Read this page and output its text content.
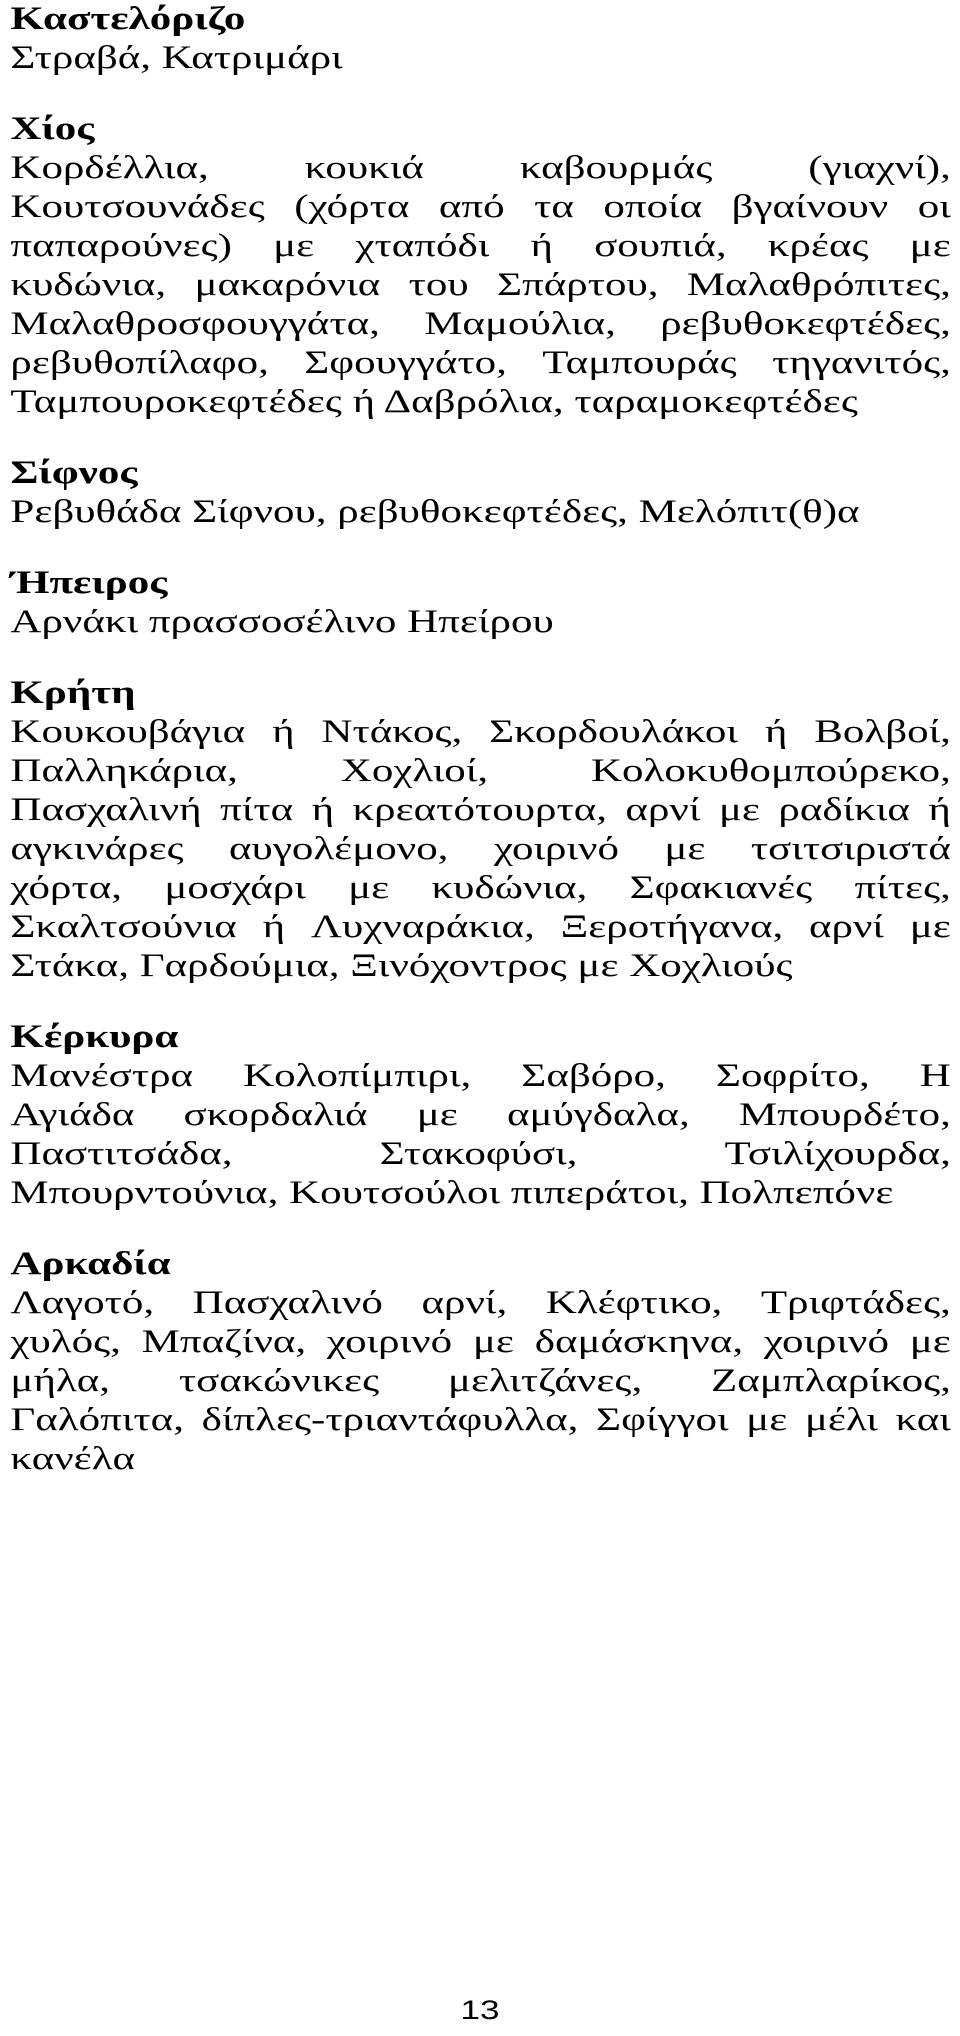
Καστελόριζο
Στραβά, Κατριμάρι
Χίος
Κορδέλλια,	κουκιά	καβουρμάς	(γιαχνί),
Κουτσουνάδες (χόρτα από τα οποία βγαίνουν οι
παπαρούνες) με χταπόδι ή σουπιά, κρέας με
κυδώνια, μακαρόνια του Σπάρτου, Μαλαθρόπιτες,
Μαλαθροσφουγγάτα, Μαμούλια, ρεβυθοκεφτέδες,
ρεβυθοπίλαφο, Σφουγγάτο, Ταμπουράς τηγανιτός,
Ταμπουροκεφτέδες ή Δαβρόλια, ταραμοκεφτέδες
Σίφνος
Ρεβυθάδα Σίφνου, ρεβυθοκεφτέδες, Μελόπιτ(θ)α
Ήπειρος
Αρνάκι πρασσοσέλινο Ηπείρου
Κρήτη
Κουκουβάγια ή Ντάκος, Σκορδουλάκοι ή Βολβοί,
Παλληκάρια,	Χοχλιοί,	Κολοκυθομπούρεκο,
Πασχαλινή πίτα ή κρεατότουρτα, αρνί με ραδίκια ή
αγκινάρες αυγολέμονο, χοιρινό με τσιτσιριστά
χόρτα, μοσχάρι με κυδώνια, Σφακιανές πίτες,
Σκαλτσούνια ή Λυχναράκια, Ξεροτήγανα, αρνί με
Στάκα, Γαρδούμια, Ξινόχοντρος με Χοχλιούς
Κέρκυρα
Μανέστρα Κολοπίμπιρι, Σαβόρο, Σοφρίτο, Η
Αγιάδα σκορδαλιά με αμύγδαλα, Μπουρδέτο,
Παστιτσάδα,	Στακοφύσι,	Τσιλίχουρδα,
Μπουρντούνια, Κουτσούλοι πιπεράτοι, Πολπεπόνε
Αρκαδία
Λαγοτό, Πασχαλινό αρνί, Κλέφτικο, Τριφτάδες,
χυλός, Μπαζίνα, χοιρινό με δαμάσκηνα, χοιρινό με
μήλα, τσακώνικες μελιτζάνες, Ζαμπλαρίκος,
Γαλόπιτα, δίπλες-τριαντάφυλλα, Σφίγγοι με μέλι και
κανέλα
13
